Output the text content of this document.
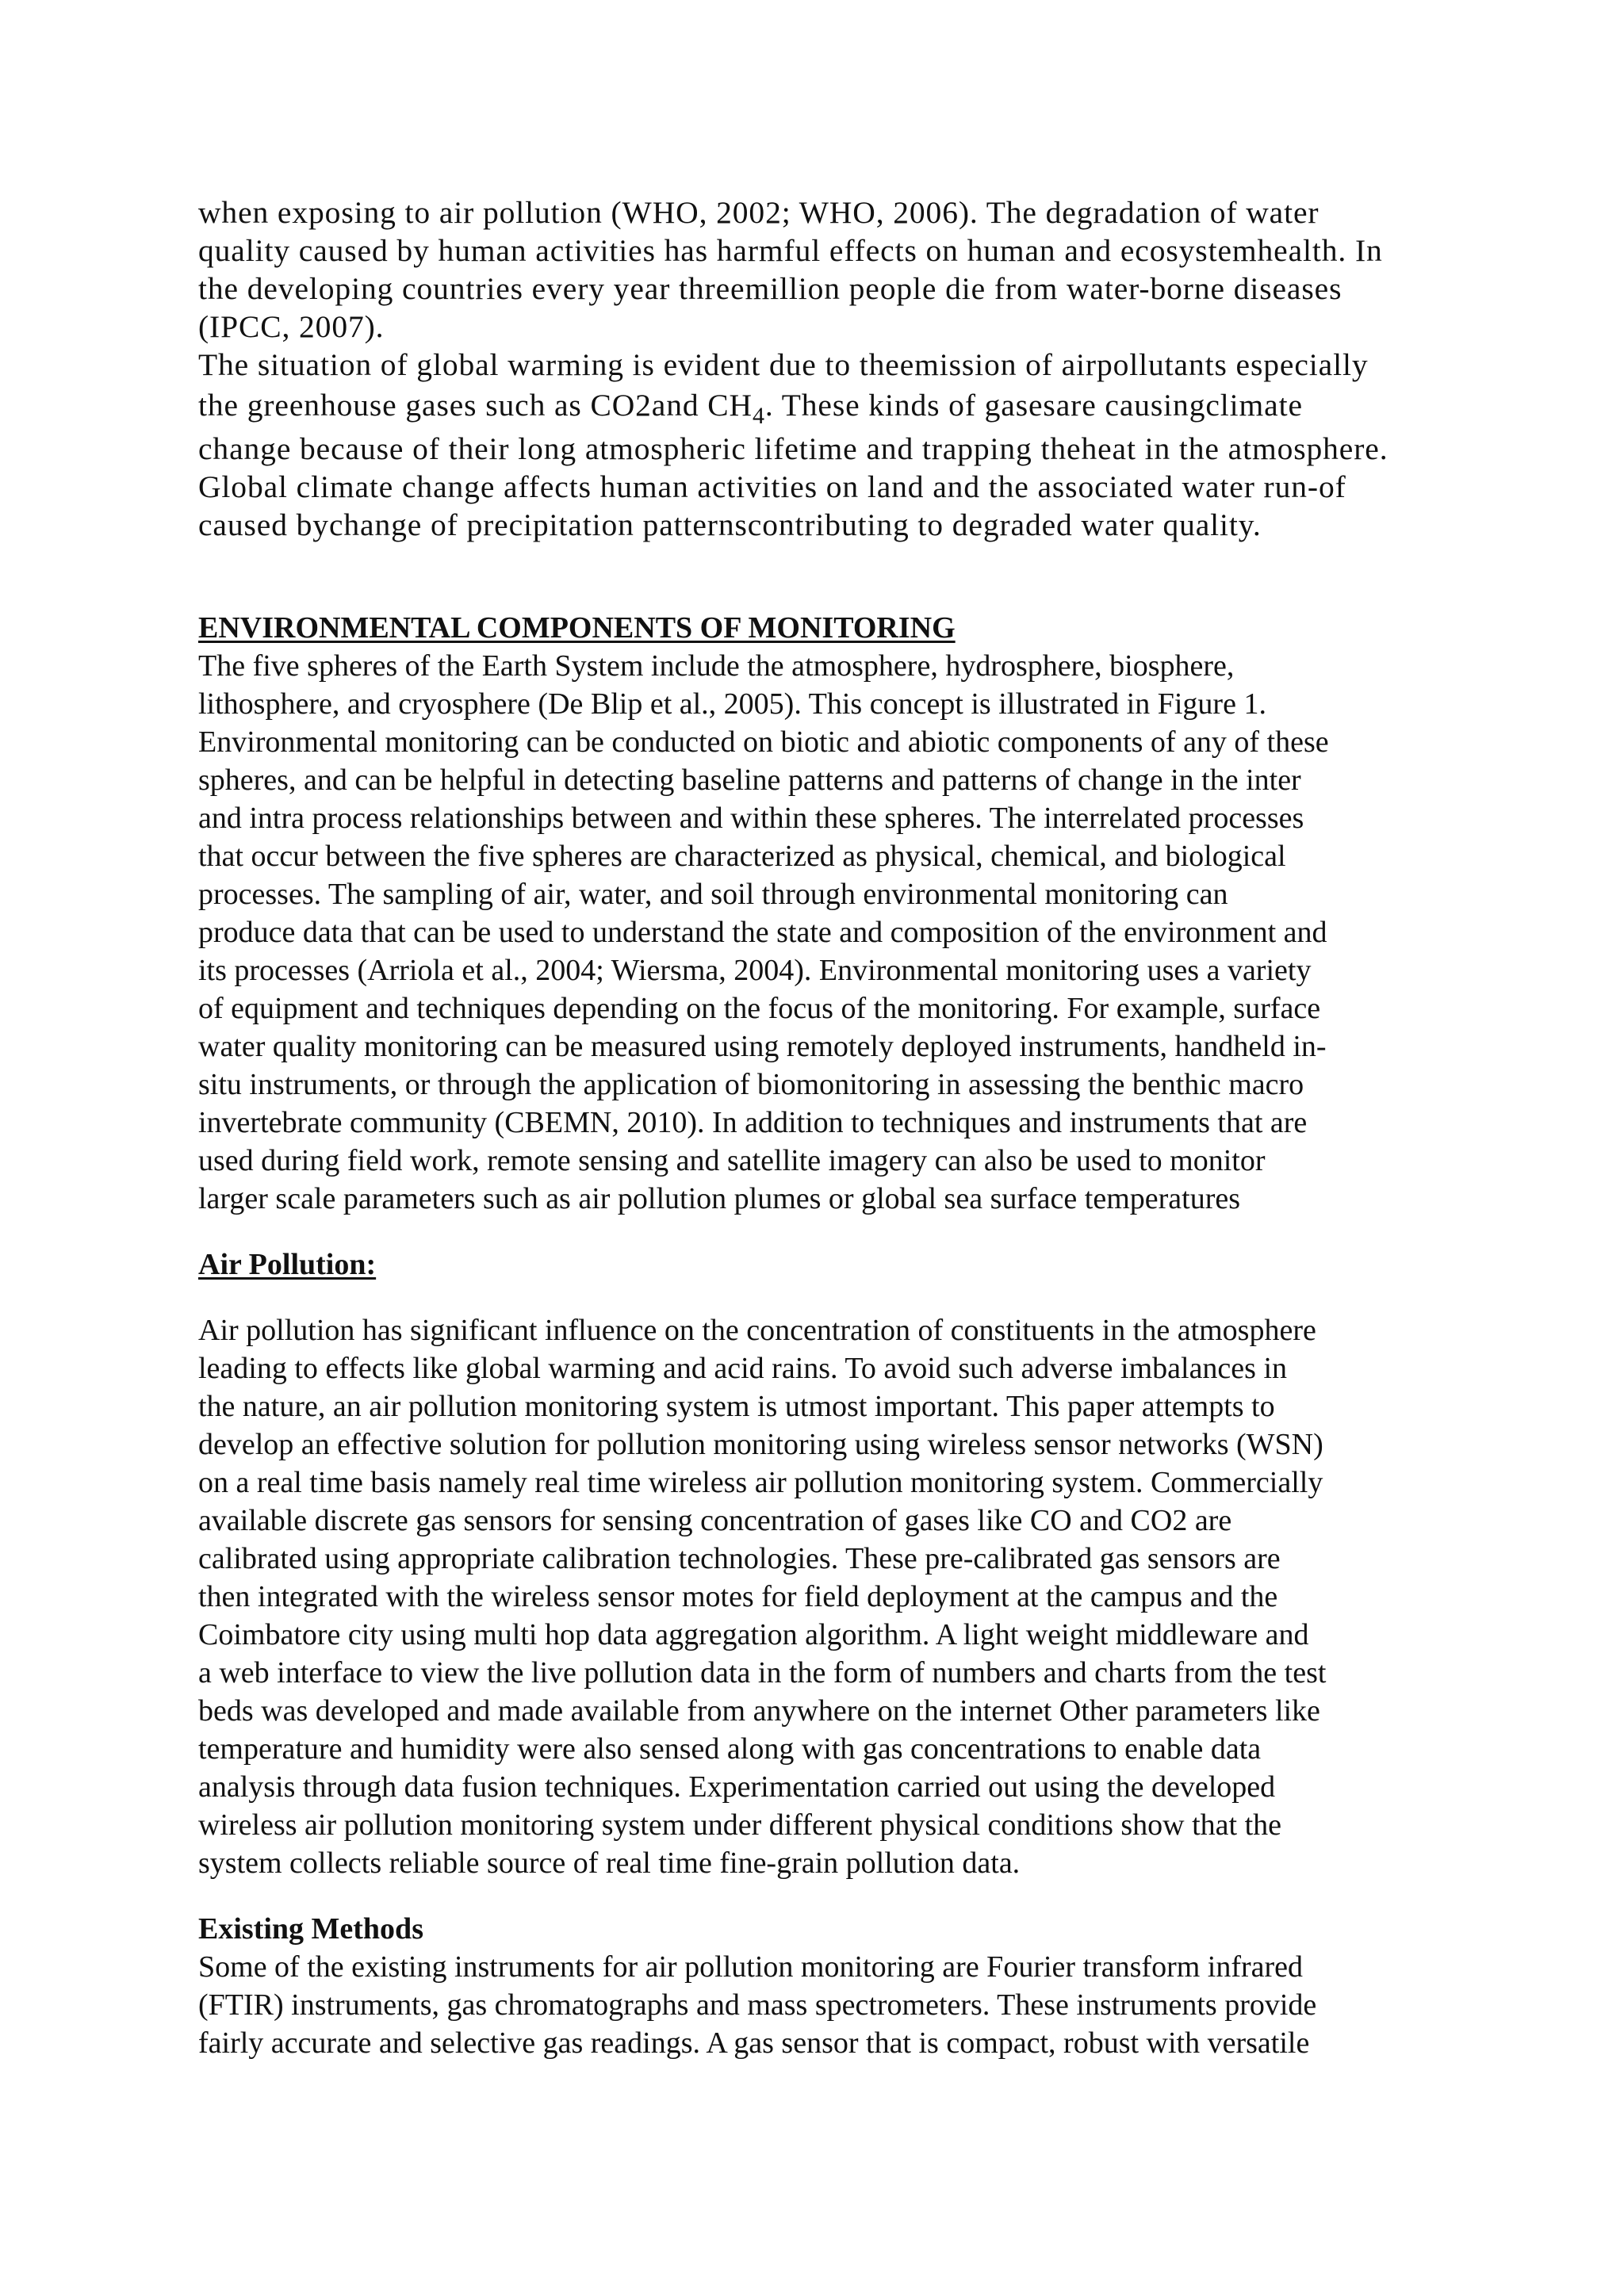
when exposing to air pollution (WHO, 2002; WHO, 2006). The degradation of water
quality caused by human activities has harmful effects on human and ecosystemhealth. In
the developing countries every year threemillion people die from water-borne diseases
(IPCC, 2007).
The situation of global warming is evident due to theemission of airpollutants especially
the greenhouse gases such as CO2and $CH_4$. These kinds of gasesare causingclimate
change because of their long atmospheric lifetime and trapping theheat in the atmosphere.
Global climate change affects human activities on land and the associated water run-of
caused bychange of precipitation patternscontributing to degraded water quality.
ENVIRONMENTAL COMPONENTS OF MONITORING
The five spheres of the Earth System include the atmosphere, hydrosphere, biosphere,
lithosphere, and cryosphere (De Blip et al., 2005). This concept is illustrated in Figure 1.
Environmental monitoring can be conducted on biotic and abiotic components of any of these
spheres, and can be helpful in detecting baseline patterns and patterns of change in the inter
and intra process relationships between and within these spheres. The interrelated processes
that occur between the five spheres are characterized as physical, chemical, and biological
processes. The sampling of air, water, and soil through environmental monitoring can
produce data that can be used to understand the state and composition of the environment and
its processes (Arriola et al., 2004; Wiersma, 2004). Environmental monitoring uses a variety
of equipment and techniques depending on the focus of the monitoring. For example, surface
water quality monitoring can be measured using remotely deployed instruments, handheld in-
situ instruments, or through the application of biomonitoring in assessing the benthic macro
invertebrate community (CBEMN, 2010). In addition to techniques and instruments that are
used during field work, remote sensing and satellite imagery can also be used to monitor
larger scale parameters such as air pollution plumes or global sea surface temperatures
Air Pollution:
Air pollution has significant influence on the concentration of constituents in the atmosphere
leading to effects like global warming and acid rains. To avoid such adverse imbalances in
the nature, an air pollution monitoring system is utmost important. This paper attempts to
develop an effective solution for pollution monitoring using wireless sensor networks (WSN)
on a real time basis namely real time wireless air pollution monitoring system. Commercially
available discrete gas sensors for sensing concentration of gases like CO and CO2 are
calibrated using appropriate calibration technologies. These pre-calibrated gas sensors are
then integrated with the wireless sensor motes for field deployment at the campus and the
Coimbatore city using multi hop data aggregation algorithm. A light weight middleware and
a web interface to view the live pollution data in the form of numbers and charts from the test
beds was developed and made available from anywhere on the internet Other parameters like
temperature and humidity were also sensed along with gas concentrations to enable data
analysis through data fusion techniques. Experimentation carried out using the developed
wireless air pollution monitoring system under different physical conditions show that the
system collects reliable source of real time fine-grain pollution data.
Existing Methods
Some of the existing instruments for air pollution monitoring are Fourier transform infrared
(FTIR) instruments, gas chromatographs and mass spectrometers. These instruments provide
fairly accurate and selective gas readings. A gas sensor that is compact, robust with versatile
